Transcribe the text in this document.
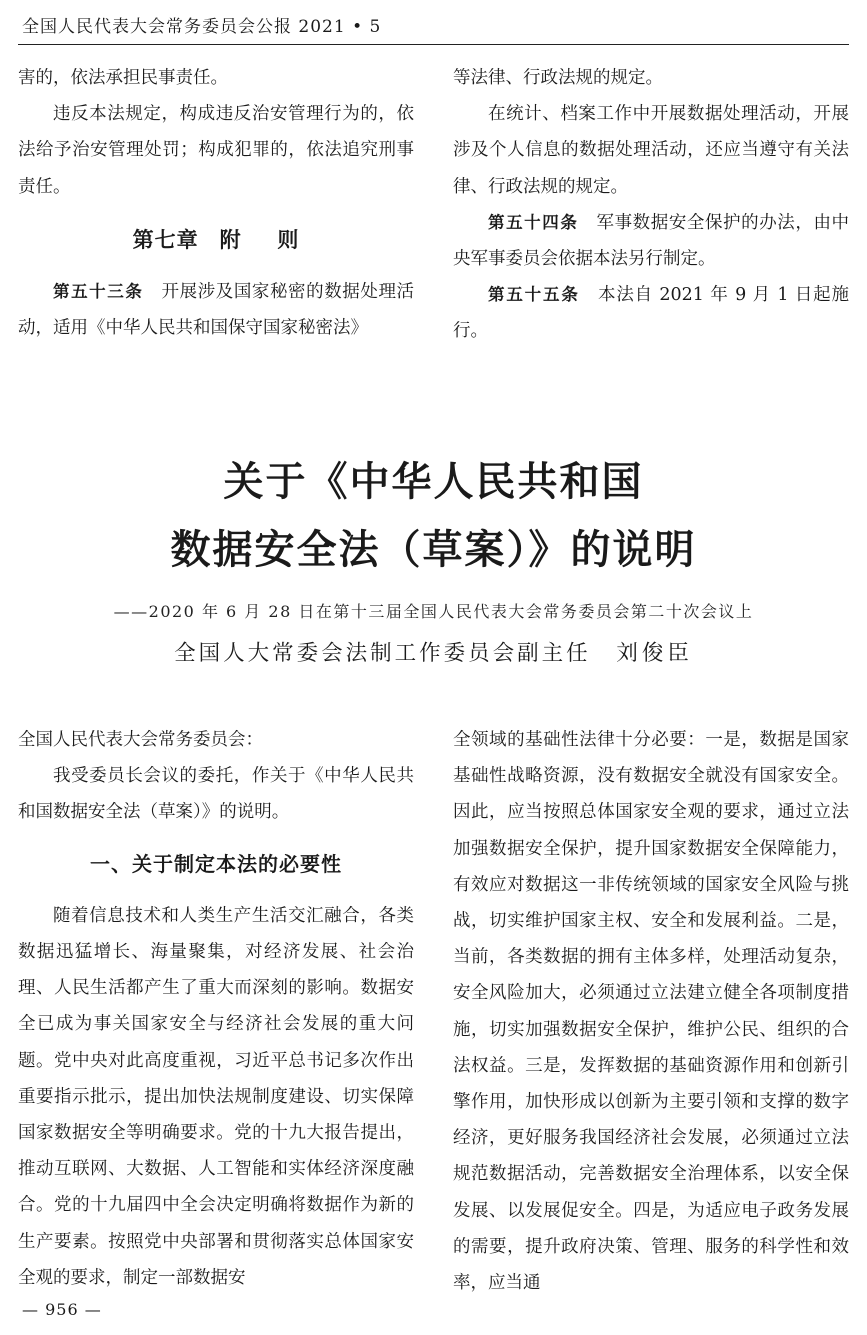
全国人民代表大会常务委员会公报 2021 • 5

害的，依法承担民事责任。

违反本法规定，构成违反治安管理行为的，依法给予治安管理处罚；构成犯罪的，依法追究刑事责任。

第七章 附 则

第五十三条　 开展涉及国家秘密的数据处理活动，适用《中华人民共和国保守国家秘密法》

等法律、行政法规的规定。

在统计、档案工作中开展数据处理活动，开展涉及个人信息的数据处理活动，还应当遵守有关法律、行政法规的规定。

第五十四条　 军事数据安全保护的办法，由中央军事委员会依据本法另行制定。

第五十五条　 本法自 2021 年 9 月 1 日起施行。

关于《中华人民共和国
数据安全法（草案）》的说明
——2020 年 6 月 28 日在第十三届全国人民代表大会常务委员会第二十次会议上
全国人大常委会法制工作委员会副主任 刘俊臣

全国人民代表大会常务委员会：

我受委员长会议的委托，作关于《中华人民共和国数据安全法（草案）》的说明。

一、关于制定本法的必要性

随着信息技术和人类生产生活交汇融合，各类数据迅猛增长、海量聚集，对经济发展、社会治理、人民生活都产生了重大而深刻的影响。数据安全已成为事关国家安全与经济社会发展的重大问题。党中央对此高度重视，习近平总书记多次作出重要指示批示，提出加快法规制度建设、切实保障国家数据安全等明确要求。党的十九大报告提出，推动互联网、大数据、人工智能和实体经济深度融合。党的十九届四中全会决定明确将数据作为新的生产要素。按照党中央部署和贯彻落实总体国家安全观的要求，制定一部数据安

全领域的基础性法律十分必要：一是，数据是国家基础性战略资源，没有数据安全就没有国家安全。因此，应当按照总体国家安全观的要求，通过立法加强数据安全保护，提升国家数据安全保障能力，有效应对数据这一非传统领域的国家安全风险与挑战，切实维护国家主权、安全和发展利益。二是，当前，各类数据的拥有主体多样，处理活动复杂，安全风险加大，必须通过立法建立健全各项制度措施，切实加强数据安全保护，维护公民、组织的合法权益。三是，发挥数据的基础资源作用和创新引擎作用，加快形成以创新为主要引领和支撑的数字经济，更好服务我国经济社会发展，必须通过立法规范数据活动，完善数据安全治理体系，以安全保发展、以发展促安全。四是，为适应电子政务发展的需要，提升政府决策、管理、服务的科学性和效率，应当通

— 956 —
